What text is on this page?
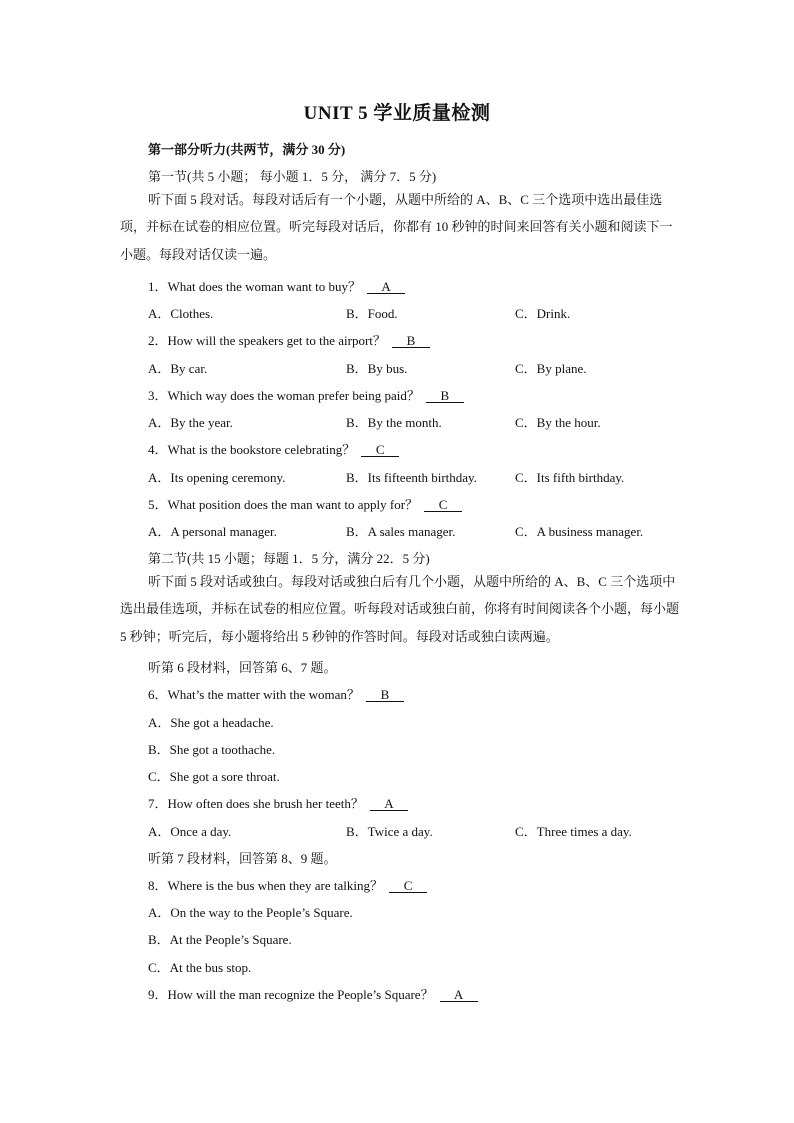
UNIT 5 学业质量检测
第一部分听力(共两节，满分 30 分)
第一节(共 5 小题； 每小题 1．5 分， 满分 7．5 分)
听下面 5 段对话。每段对话后有一个小题，从题中所给的 A、B、C 三个选项中选出最佳选项，并标在试卷的相应位置。听完每段对话后，你都有 10 秒钟的时间来回答有关小题和阅读下一小题。每段对话仅读一遍。
1．What does the woman want to buy？ A
A．Clothes.	B．Food.	C．Drink.
2．How will the speakers get to the airport？ B
A．By car.	B．By bus.	C．By plane.
3．Which way does the woman prefer being paid？ B
A．By the year.	B．By the month.	C．By the hour.
4．What is the bookstore celebrating？ C
A．Its opening ceremony.	B．Its fifteenth birthday.	C．Its fifth birthday.
5．What position does the man want to apply for？ C
A．A personal manager.	B．A sales manager.	C．A business manager.
第二节(共 15 小题；每题 1．5 分，满分 22．5 分)
听下面 5 段对话或独白。每段对话或独白后有几个小题，从题中所给的 A、B、C 三个选项中选出最佳选项，并标在试卷的相应位置。听每段对话或独白前，你将有时间阅读各个小题，每小题 5 秒钟；听完后，每小题将给出 5 秒钟的作答时间。每段对话或独白读两遍。
听第 6 段材料，回答第 6、7 题。
6．What’s the matter with the woman？ B
A．She got a headache.
B．She got a toothache.
C．She got a sore throat.
7．How often does she brush her teeth？ A
A．Once a day.	B．Twice a day.	C．Three times a day.
听第 7 段材料，回答第 8、9 题。
8．Where is the bus when they are talking？ C
A．On the way to the People’s Square.
B．At the People’s Square.
C．At the bus stop.
9．How will the man recognize the People’s Square？ A
